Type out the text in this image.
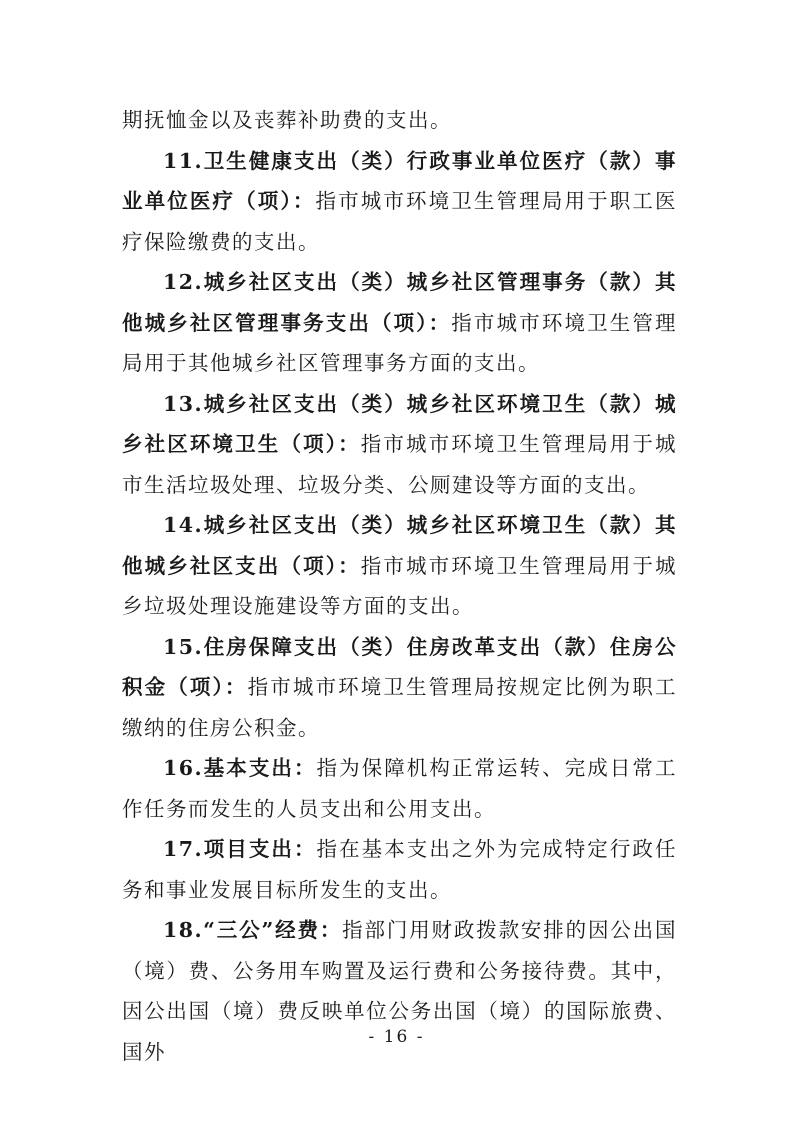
期抚恤金以及丧葬补助费的支出。

11.卫生健康支出（类）行政事业单位医疗（款）事业单位医疗（项）：指市城市环境卫生管理局用于职工医疗保险缴费的支出。

12.城乡社区支出（类）城乡社区管理事务（款）其他城乡社区管理事务支出（项）：指市城市环境卫生管理局用于其他城乡社区管理事务方面的支出。

13.城乡社区支出（类）城乡社区环境卫生（款）城乡社区环境卫生（项）：指市城市环境卫生管理局用于城市生活垃圾处理、垃圾分类、公厕建设等方面的支出。

14.城乡社区支出（类）城乡社区环境卫生（款）其他城乡社区支出（项）：指市城市环境卫生管理局用于城乡垃圾处理设施建设等方面的支出。

15.住房保障支出（类）住房改革支出（款）住房公积金（项）：指市城市环境卫生管理局按规定比例为职工缴纳的住房公积金。

16.基本支出：指为保障机构正常运转、完成日常工作任务而发生的人员支出和公用支出。

17.项目支出：指在基本支出之外为完成特定行政任务和事业发展目标所发生的支出。

18.“三公”经费：指部门用财政拨款安排的因公出国（境）费、公务用车购置及运行费和公务接待费。其中，因公出国（境）费反映单位公务出国（境）的国际旅费、国外

- 16 -
